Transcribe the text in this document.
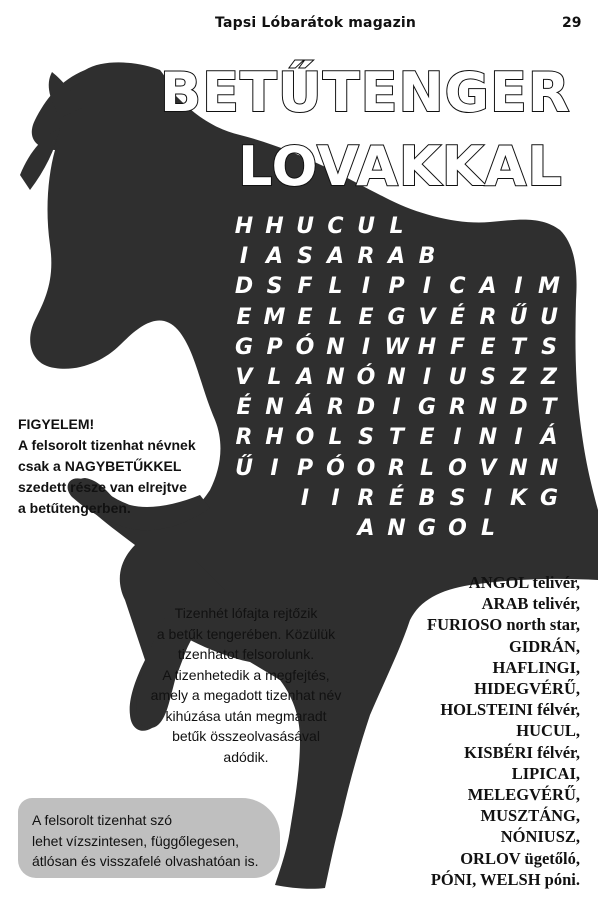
Tapsi Lóbarátok magazin	29
BETŰTENGER
LOVAKKAL
H H U C U L
I A S A R A B
D S F L I P I C A I M
E M E L E G V É R Ű U
G P Ó N I W H F E T S
V L A N Ó N I U S Z Z
É N Á R D I G R N D T
R H O L S T E I N I Á
Ű I P Ó O R L O V N N
I	I R É B S I K G
A N G O L
FIGYELEM!
A felsorolt tizenhat névnek
csak a NAGYBETŰKKEL
szedett része van elrejtve
a betűtengerben.
Tizenhét lófajta rejtőzik
a betűk tengerében. Közülük
tizenhatot felsorolunk.
A tizenhetedik a megfejtés,
amely a megadott tizenhat név
kihúzása után megmaradt
betűk összeolvasásával
adódik.
A felsorolt tizenhat szó
lehet vízszintesen, függőlegesen,
átlósan és visszafelé olvashatóan is.
ANGOL telivér,
ARAB telivér,
FURIOSO north star,
GIDRÁN,
HAFLINGI,
HIDEGVÉRŰ,
HOLSTEINI félvér,
HUCUL,
KISBÉRI félvér,
LIPICAI,
MELEGVÉRŰ,
MUSZTÁNG,
NÓNIUSZ,
ORLOV ügetőló,
PÓNI, WELSH póni.
